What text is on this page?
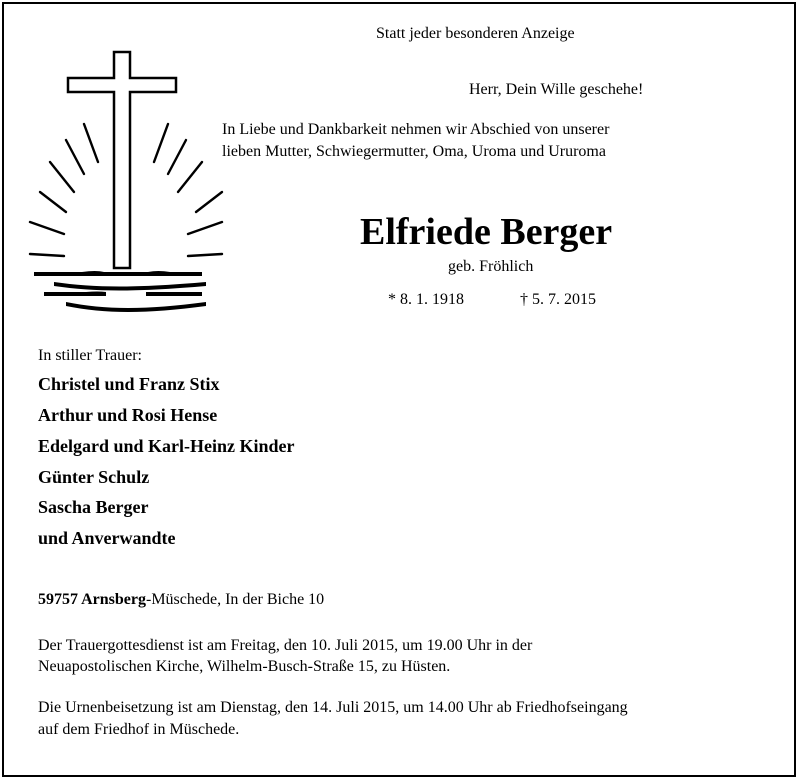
Statt jeder besonderen Anzeige
Herr, Dein Wille geschehe!
In Liebe und Dankbarkeit nehmen wir Abschied von unserer
lieben Mutter, Schwiegermutter, Oma, Uroma und Ururoma
Elfriede Berger
geb. Fröhlich
* 8. 1. 1918	† 5. 7. 2015
In stiller Trauer:
Christel und Franz Stix
Arthur und Rosi Hense
Edelgard und Karl-Heinz Kinder
Günter Schulz
Sascha Berger
und Anverwandte
59757 Arnsberg-Müschede, In der Biche 10
Der Trauergottesdienst ist am Freitag, den 10. Juli 2015, um 19.00 Uhr in der
Neuapostolischen Kirche, Wilhelm-Busch-Straße 15, zu Hüsten.
Die Urnenbeisetzung ist am Dienstag, den 14. Juli 2015, um 14.00 Uhr ab Friedhofseingang
auf dem Friedhof in Müschede.
